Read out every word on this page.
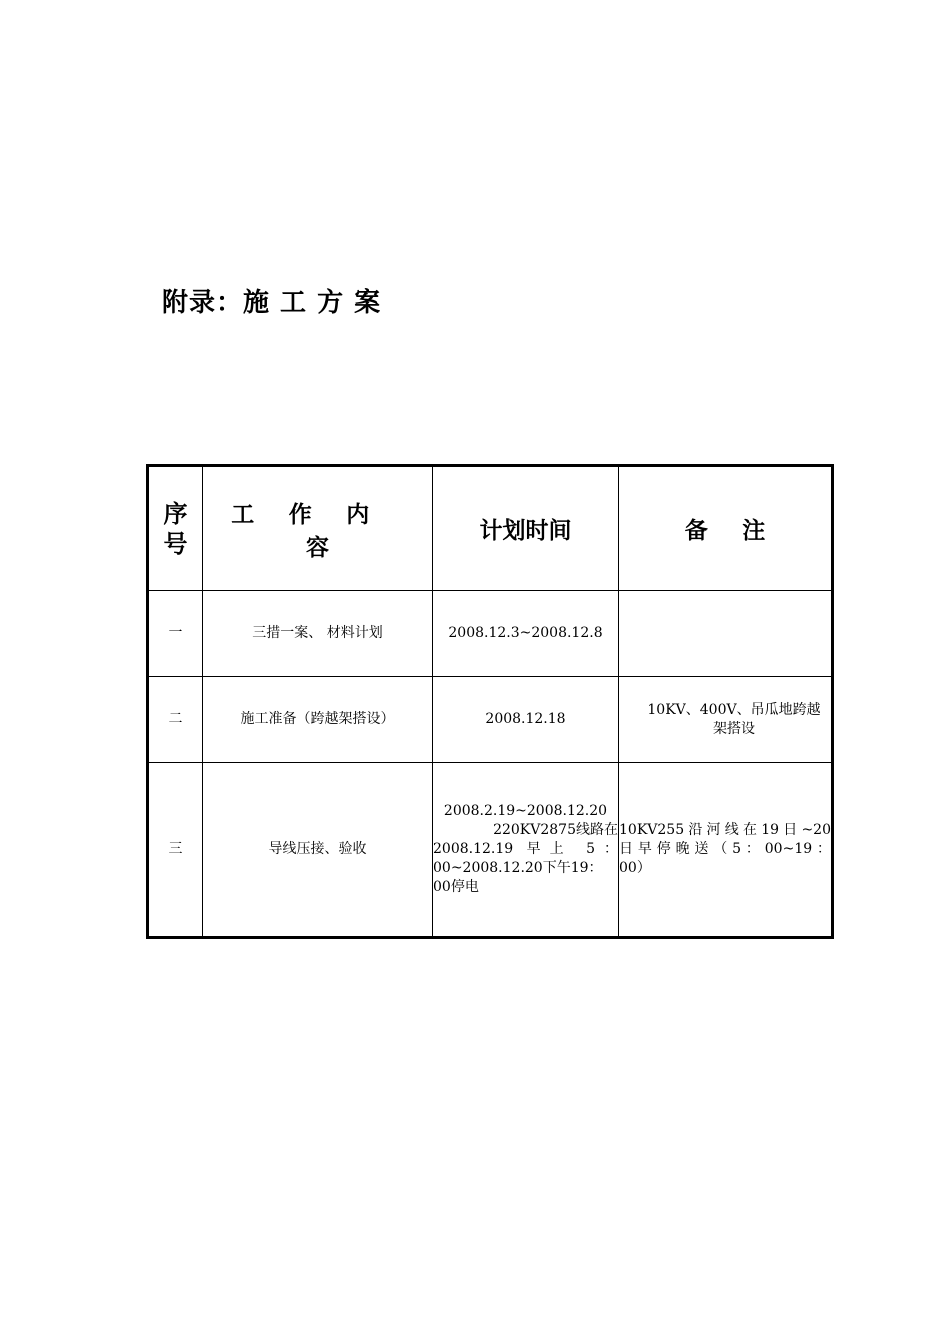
附录：施 工 方 案
序
号	工作内容	计划时间	备注
一	三措一案、 材料计划	2008.12.3~2008.12.8	
二	施工准备（跨越架搭设）	2008.12.18	10KV、400V、吊瓜地跨越
架搭设

三	导线压接、验收	2008.2.19~2008.12.20
220KV2875线路在
2008.12.19 早上 5：
00~2008.12.20下午19：
00停电	10KV255沿河线在19日~20
日早停晚送（5：00~19：
00）
